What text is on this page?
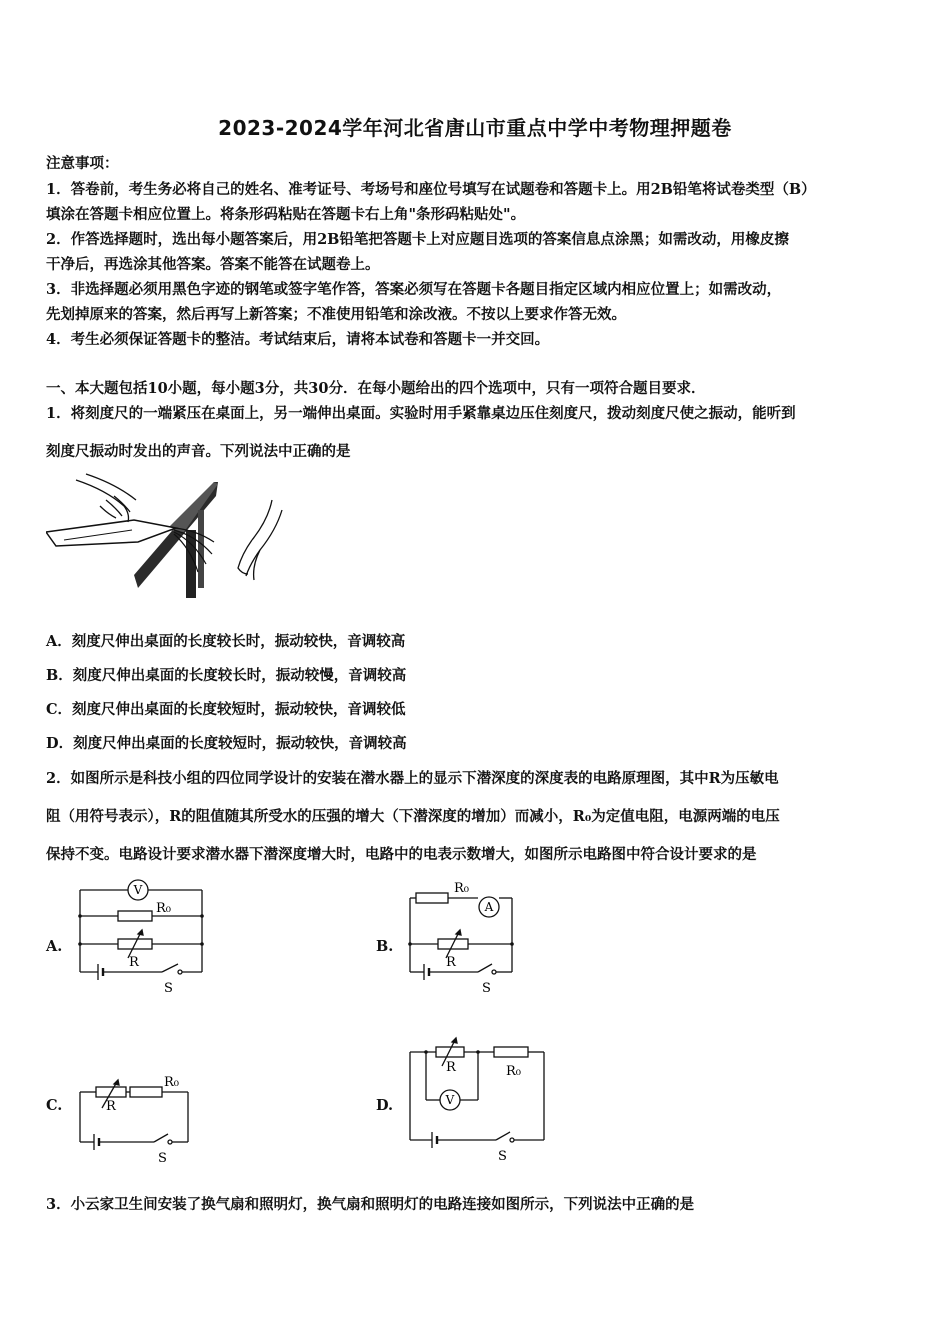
2023-2024学年河北省唐山市重点中学中考物理押题卷
注意事项：
1．答卷前，考生务必将自己的姓名、准考证号、考场号和座位号填写在试题卷和答题卡上。用2B铅笔将试卷类型（B）
填涂在答题卡相应位置上。将条形码粘贴在答题卡右上角"条形码粘贴处"。
2．作答选择题时，选出每小题答案后，用2B铅笔把答题卡上对应题目选项的答案信息点涂黑；如需改动，用橡皮擦
干净后，再选涂其他答案。答案不能答在试题卷上。
3．非选择题必须用黑色字迹的钢笔或签字笔作答，答案必须写在答题卡各题目指定区域内相应位置上；如需改动，
先划掉原来的答案，然后再写上新答案；不准使用铅笔和涂改液。不按以上要求作答无效。
4．考生必须保证答题卡的整洁。考试结束后，请将本试卷和答题卡一并交回。
一、本大题包括10小题，每小题3分，共30分．在每小题给出的四个选项中，只有一项符合题目要求．
1．将刻度尺的一端紧压在桌面上，另一端伸出桌面。实验时用手紧靠桌边压住刻度尺，拨动刻度尺使之振动，能听到
刻度尺振动时发出的声音。下列说法中正确的是
A．刻度尺伸出桌面的长度较长时，振动较快，音调较高
B．刻度尺伸出桌面的长度较长时，振动较慢，音调较高
C．刻度尺伸出桌面的长度较短时，振动较快，音调较低
D．刻度尺伸出桌面的长度较短时，振动较快，音调较高
2．如图所示是科技小组的四位同学设计的安装在潜水器上的显示下潜深度的深度表的电路原理图，其中R为压敏电
阻（用符号表示），R的阻值随其所受水的压强的增大（下潜深度的增加）而减小，R₀为定值电阻，电源两端的电压
保持不变。电路设计要求潜水器下潜深度增大时，电路中的电表示数增大，如图所示电路图中符合设计要求的是
A.
V
R₀
R
S
B.
R₀
A
R
S
C.
R₀
R
S
D.
R	R₀
V
S
3．小云家卫生间安装了换气扇和照明灯，换气扇和照明灯的电路连接如图所示，下列说法中正确的是
